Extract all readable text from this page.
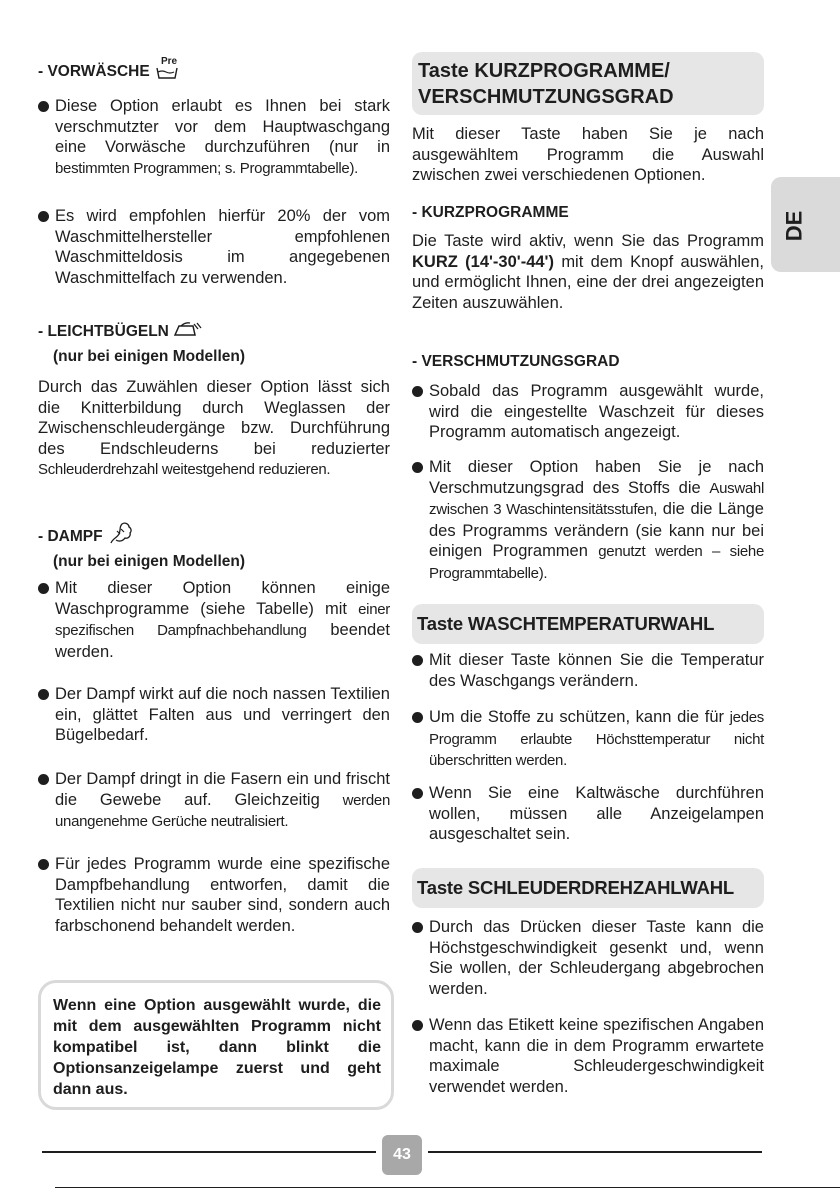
- VORWÄSCHE
Pre

Diese Option erlaubt es Ihnen bei stark verschmutzter vor dem Hauptwaschgang eine Vorwäsche durchzuführen (nur in bestimmten Programmen; s. Programmtabelle).

Es wird empfohlen hierfür 20% der vom Waschmittelhersteller empfohlenen Waschmitteldosis im angegebenen Waschmittelfach zu verwenden.

- LEICHTBÜGELN

(nur bei einigen Modellen)

Durch das Zuwählen dieser Option lässt sich die Knitterbildung durch Weglassen der Zwischenschleudergänge bzw. Durchführung des Endschleuderns bei reduzierter Schleuderdrehzahl weitestgehend reduzieren.

- DAMPF

(nur bei einigen Modellen)

Mit dieser Option können einige Waschprogramme (siehe Tabelle) mit einer spezifischen Dampfnachbehandlung beendet werden.

Der Dampf wirkt auf die noch nassen Textilien ein, glättet Falten aus und verringert den Bügelbedarf.

Der Dampf dringt in die Fasern ein und frischt die Gewebe auf. Gleichzeitig werden unangenehme Gerüche neutralisiert.

Für jedes Programm wurde eine spezifische Dampfbehandlung entworfen, damit die Textilien nicht nur sauber sind, sondern auch farbschonend behandelt werden.

Wenn eine Option ausgewählt wurde, die mit dem ausgewählten Programm nicht kompatibel ist, dann blinkt die Optionsanzeigelampe zuerst und geht dann aus.
Taste KURZPROGRAMME/
VERSCHMUTZUNGSGRAD

Mit dieser Taste haben Sie je nach ausgewähltem Programm die Auswahl zwischen zwei verschiedenen Optionen.

- KURZPROGRAMME

Die Taste wird aktiv, wenn Sie das Programm KURZ (14'-30'-44') mit dem Knopf auswählen, und ermöglicht Ihnen, eine der drei angezeigten Zeiten auszuwählen.

- VERSCHMUTZUNGSGRAD

Sobald das Programm ausgewählt wurde, wird die eingestellte Waschzeit für dieses Programm automatisch angezeigt.

Mit dieser Option haben Sie je nach Verschmutzungsgrad des Stoffs die Auswahl zwischen 3 Waschintensitätsstufen, die die Länge des Programms verändern (sie kann nur bei einigen Programmen genutzt werden – siehe Programmtabelle).

Taste WASCHTEMPERATURWAHL

Mit dieser Taste können Sie die Temperatur des Waschgangs verändern.

Um die Stoffe zu schützen, kann die für jedes Programm erlaubte Höchsttemperatur nicht überschritten werden.

Wenn Sie eine Kaltwäsche durchführen wollen, müssen alle Anzeigelampen ausgeschaltet sein.

Taste SCHLEUDERDREHZAHLWAHL

Durch das Drücken dieser Taste kann die Höchstgeschwindigkeit gesenkt und, wenn Sie wollen, der Schleudergang abgebrochen werden.

Wenn das Etikett keine spezifischen Angaben macht, kann die in dem Programm erwartete maximale Schleudergeschwindigkeit verwendet werden.

DE
43
